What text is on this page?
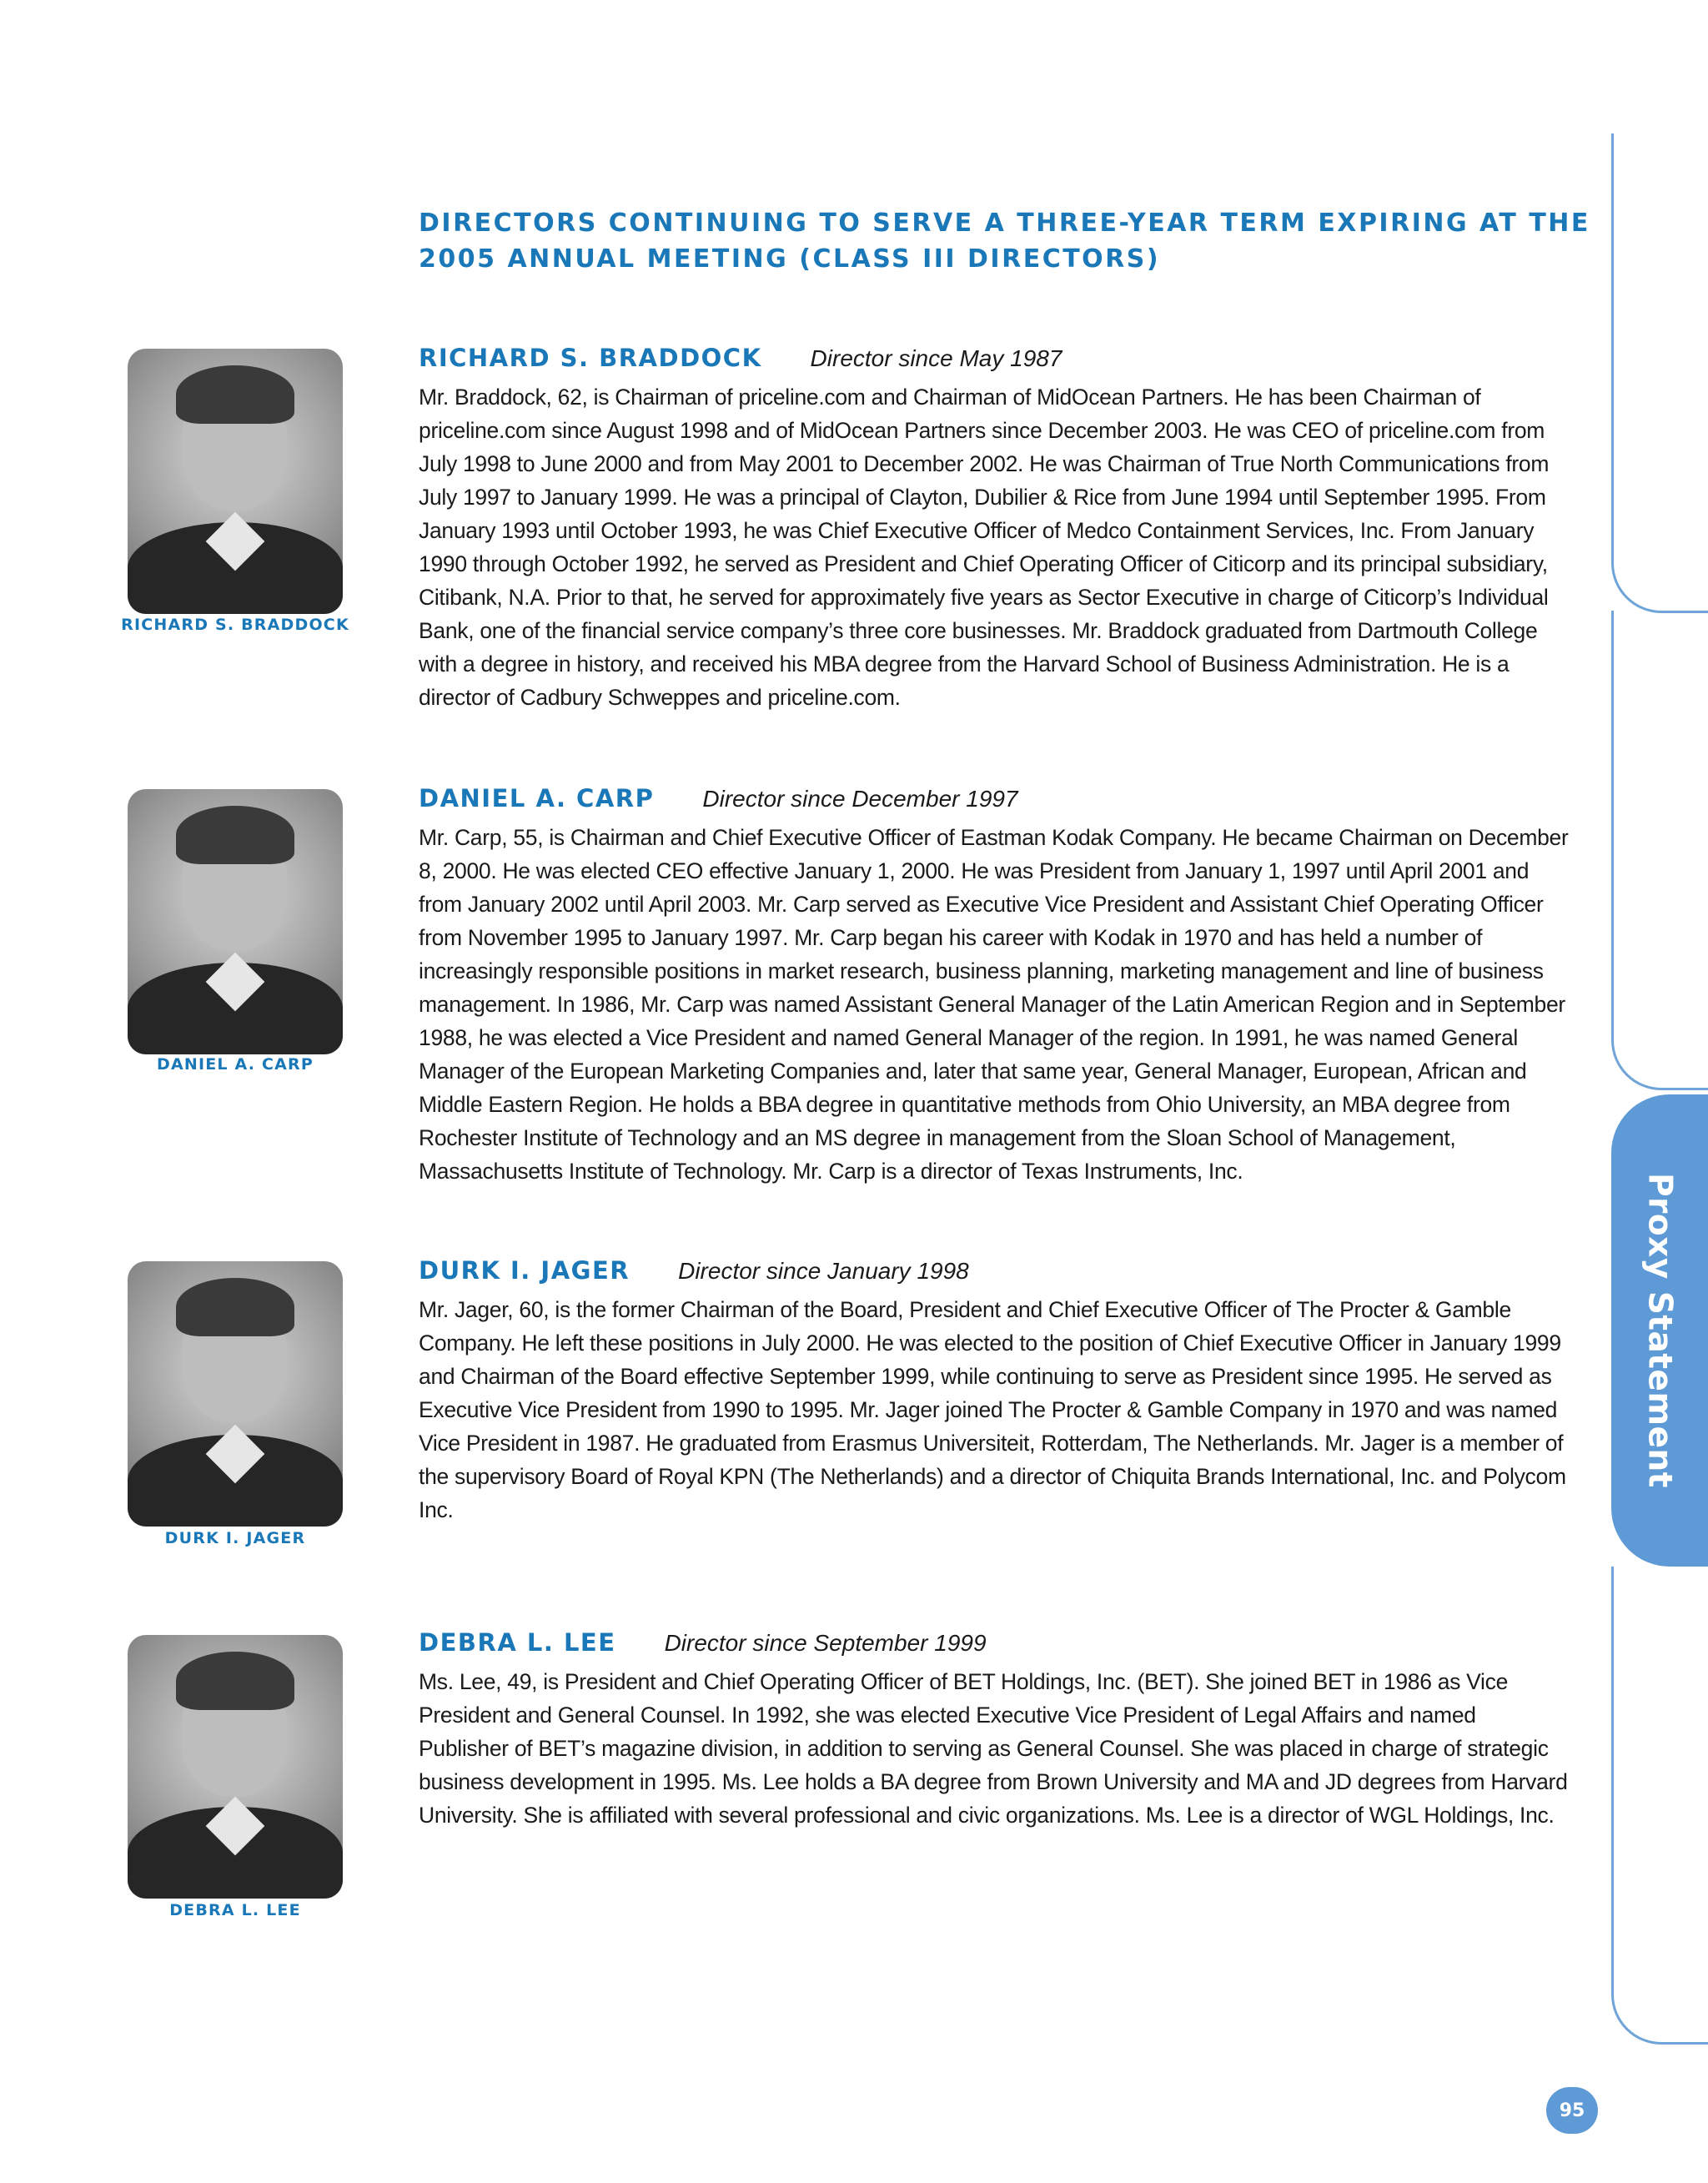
DIRECTORS CONTINUING TO SERVE A THREE-YEAR TERM EXPIRING AT THE 2005 ANNUAL MEETING (CLASS III DIRECTORS)
RICHARD S. BRADDOCK
RICHARD S. BRADDOCK Director since May 1987

Mr. Braddock, 62, is Chairman of priceline.com and Chairman of MidOcean Partners. He has been Chairman of priceline.com since August 1998 and of MidOcean Partners since December 2003. He was CEO of priceline.com from July 1998 to June 2000 and from May 2001 to December 2002. He was Chairman of True North Communications from July 1997 to January 1999. He was a principal of Clayton, Dubilier & Rice from June 1994 until September 1995. From January 1993 until October 1993, he was Chief Executive Officer of Medco Containment Services, Inc. From January 1990 through October 1992, he served as President and Chief Operating Officer of Citicorp and its principal subsidiary, Citibank, N.A. Prior to that, he served for approximately five years as Sector Executive in charge of Citicorp’s Individual Bank, one of the financial service company’s three core businesses. Mr. Braddock graduated from Dartmouth College with a degree in history, and received his MBA degree from the Harvard School of Business Administration. He is a director of Cadbury Schweppes and priceline.com.

DANIEL A. CARP
DANIEL A. CARP Director since December 1997

Mr. Carp, 55, is Chairman and Chief Executive Officer of Eastman Kodak Company. He became Chairman on December 8, 2000. He was elected CEO effective January 1, 2000. He was President from January 1, 1997 until April 2001 and from January 2002 until April 2003. Mr. Carp served as Executive Vice President and Assistant Chief Operating Officer from November 1995 to January 1997. Mr. Carp began his career with Kodak in 1970 and has held a number of increasingly responsible positions in market research, business planning, marketing management and line of business management. In 1986, Mr. Carp was named Assistant General Manager of the Latin American Region and in September 1988, he was elected a Vice President and named General Manager of the region. In 1991, he was named General Manager of the European Marketing Companies and, later that same year, General Manager, European, African and Middle Eastern Region. He holds a BBA degree in quantitative methods from Ohio University, an MBA degree from Rochester Institute of Technology and an MS degree in management from the Sloan School of Management, Massachusetts Institute of Technology. Mr. Carp is a director of Texas Instruments, Inc.

DURK I. JAGER
DURK I. JAGER Director since January 1998

Mr. Jager, 60, is the former Chairman of the Board, President and Chief Executive Officer of The Procter & Gamble Company. He left these positions in July 2000. He was elected to the position of Chief Executive Officer in January 1999 and Chairman of the Board effective September 1999, while continuing to serve as President since 1995. He served as Executive Vice President from 1990 to 1995. Mr. Jager joined The Procter & Gamble Company in 1970 and was named Vice President in 1987. He graduated from Erasmus Universiteit, Rotterdam, The Netherlands. Mr. Jager is a member of the supervisory Board of Royal KPN (The Netherlands) and a director of Chiquita Brands International, Inc. and Polycom Inc.

DEBRA L. LEE
DEBRA L. LEE Director since September 1999

Ms. Lee, 49, is President and Chief Operating Officer of BET Holdings, Inc. (BET). She joined BET in 1986 as Vice President and General Counsel. In 1992, she was elected Executive Vice President of Legal Affairs and named Publisher of BET’s magazine division, in addition to serving as General Counsel. She was placed in charge of strategic business development in 1995. Ms. Lee holds a BA degree from Brown University and MA and JD degrees from Harvard University. She is affiliated with several professional and civic organizations. Ms. Lee is a director of WGL Holdings, Inc.

Proxy Statement
95
